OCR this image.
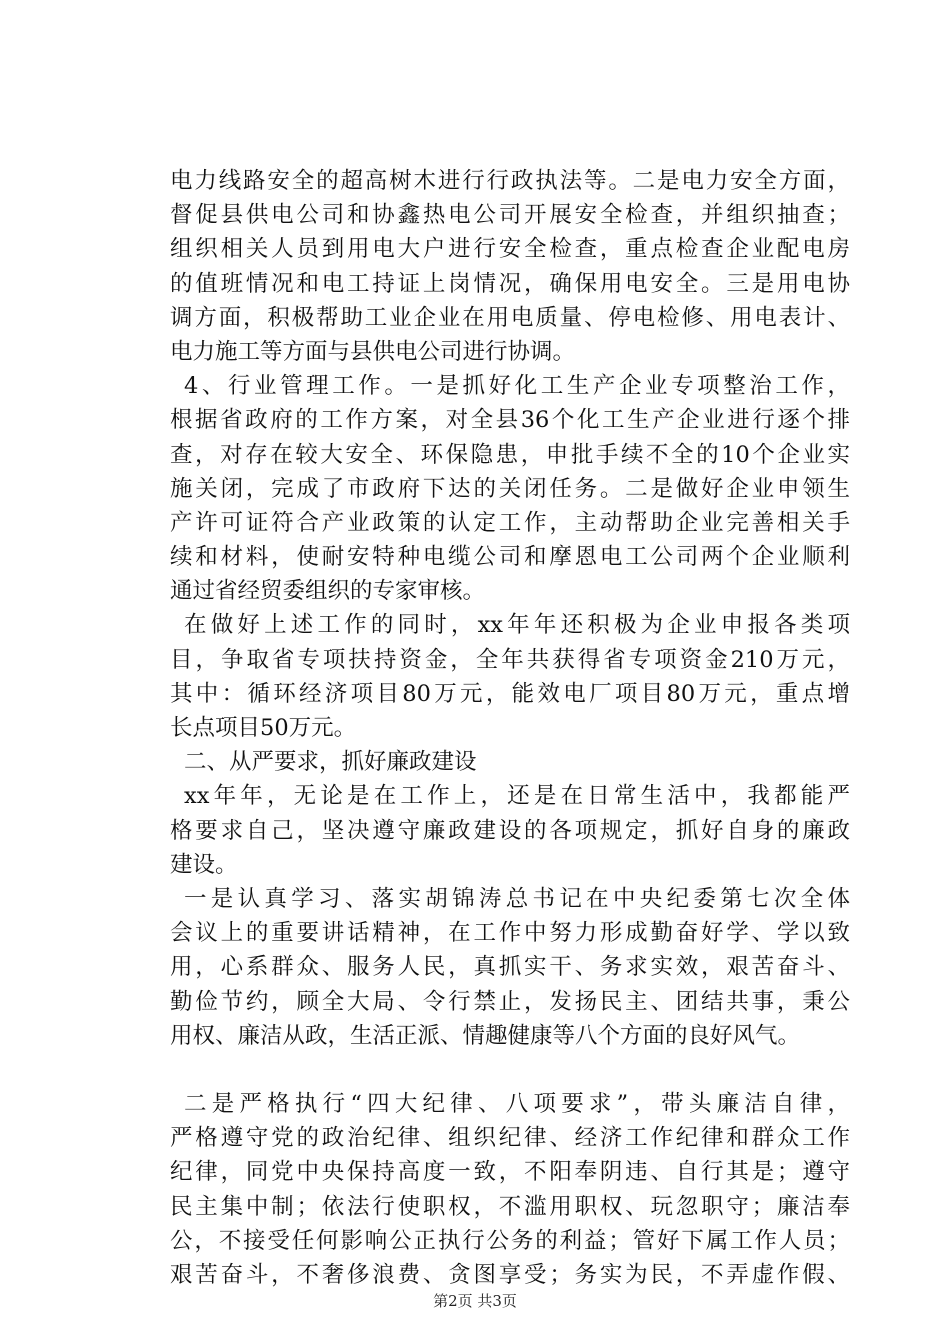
电力线路安全的超高树木进行行政执法等。二是电力安全方面，
督促县供电公司和协鑫热电公司开展安全检查，并组织抽查；
组织相关人员到用电大户进行安全检查，重点检查企业配电房
的值班情况和电工持证上岗情况，确保用电安全。三是用电协
调方面，积极帮助工业企业在用电质量、停电检修、用电表计、
电力施工等方面与县供电公司进行协调。
4、行业管理工作。一是抓好化工生产企业专项整治工作，
根据省政府的工作方案，对全县36个化工生产企业进行逐个排
查，对存在较大安全、环保隐患，申批手续不全的10个企业实
施关闭，完成了市政府下达的关闭任务。二是做好企业申领生
产许可证符合产业政策的认定工作，主动帮助企业完善相关手
续和材料，使耐安特种电缆公司和摩恩电工公司两个企业顺利
通过省经贸委组织的专家审核。
在做好上述工作的同时，xx年年还积极为企业申报各类项
目，争取省专项扶持资金，全年共获得省专项资金210万元，
其中：循环经济项目80万元，能效电厂项目80万元，重点增
长点项目50万元。
二、从严要求，抓好廉政建设
xx年年，无论是在工作上，还是在日常生活中，我都能严
格要求自己，坚决遵守廉政建设的各项规定，抓好自身的廉政
建设。
一是认真学习、落实胡锦涛总书记在中央纪委第七次全体
会议上的重要讲话精神，在工作中努力形成勤奋好学、学以致
用，心系群众、服务人民，真抓实干、务求实效，艰苦奋斗、
勤俭节约，顾全大局、令行禁止，发扬民主、团结共事，秉公
用权、廉洁从政，生活正派、情趣健康等八个方面的良好风气。
二是严格执行“四大纪律、八项要求”，带头廉洁自律，
严格遵守党的政治纪律、组织纪律、经济工作纪律和群众工作
纪律，同党中央保持高度一致，不阳奉阴违、自行其是；遵守
民主集中制；依法行使职权，不滥用职权、玩忽职守；廉洁奉
公，不接受任何影响公正执行公务的利益；管好下属工作人员；
艰苦奋斗，不奢侈浪费、贪图享受；务实为民，不弄虚作假、
第2页 共3页
